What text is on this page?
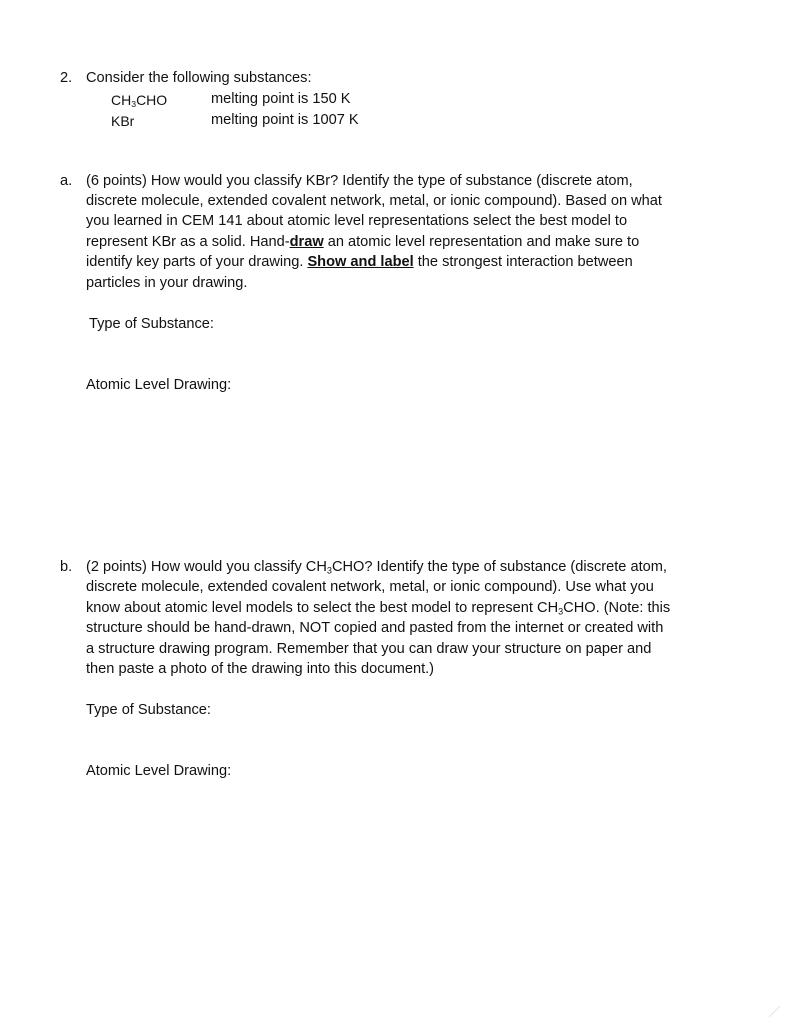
2. Consider the following substances:
$CH_3CHO$	melting point is 150 K
KBr	melting point is 1007 K
a. (6 points) How would you classify KBr? Identify the type of substance (discrete atom,
discrete molecule, extended covalent network, metal, or ionic compound). Based on what
you learned in CEM 141 about atomic level representations select the best model to
represent KBr as a solid. Hand-draw an atomic level representation and make sure to
identify key parts of your drawing. Show and label the strongest interaction between
particles in your drawing.
Type of Substance:
Atomic Level Drawing:
b. (2 points) How would you classify $CH_3CHO$? Identify the type of substance (discrete atom,
discrete molecule, extended covalent network, metal, or ionic compound). Use what you
know about atomic level models to select the best model to represent $CH_3CHO$. (Note: this
structure should be hand-drawn, NOT copied and pasted from the internet or created with
a structure drawing program. Remember that you can draw your structure on paper and
then paste a photo of the drawing into this document.)
Type of Substance:
Atomic Level Drawing:
